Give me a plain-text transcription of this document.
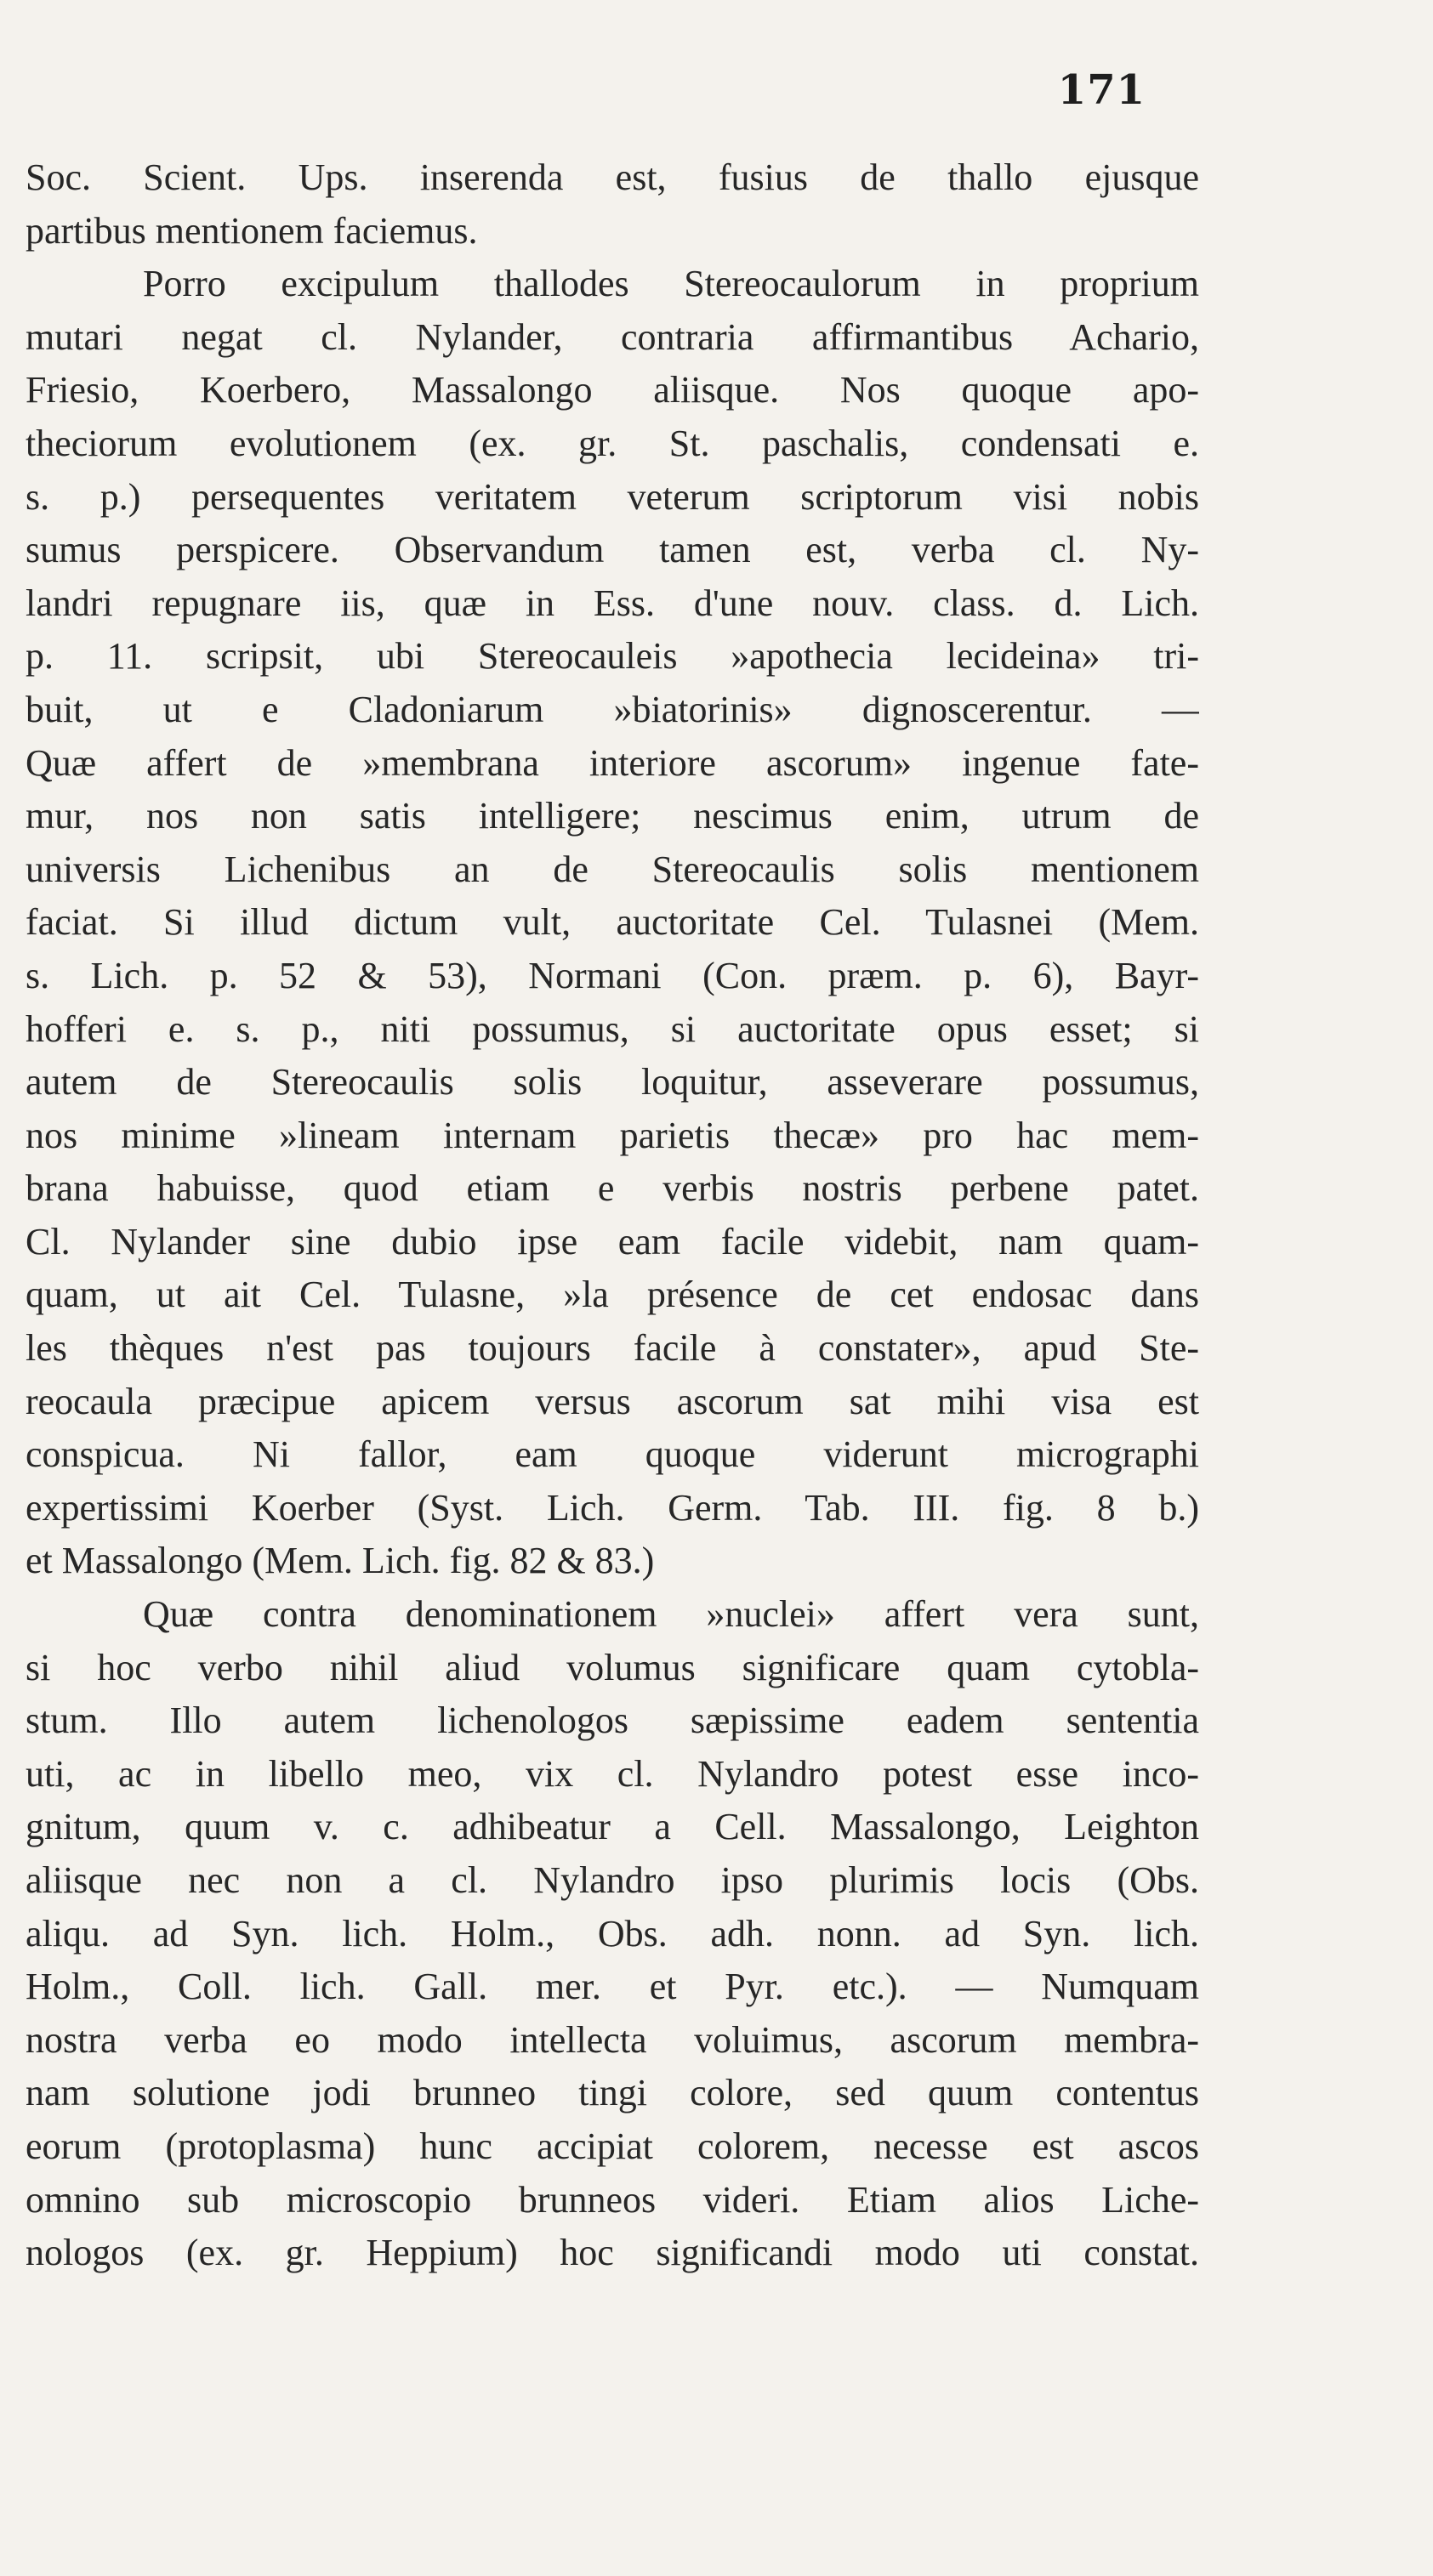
171
Soc. Scient. Ups. inserenda est, fusius de thallo ejusque
partibus mentionem faciemus.
Porro excipulum thallodes Stereocaulorum in proprium
mutari negat cl. Nylander, contraria affirmantibus Achario,
Friesio, Koerbero, Massalongo aliisque. Nos quoque apo-
theciorum evolutionem (ex. gr. St. paschalis, condensati e.
s. p.) persequentes veritatem veterum scriptorum visi nobis
sumus perspicere. Observandum tamen est, verba cl. Ny-
landri repugnare iis, quæ in Ess. d'une nouv. class. d. Lich.
p. 11. scripsit, ubi Stereocauleis »apothecia lecideina» tri-
buit, ut e Cladoniarum »biatorinis» dignoscerentur. —
Quæ affert de »membrana interiore ascorum» ingenue fate-
mur, nos non satis intelligere; nescimus enim, utrum de
universis Lichenibus an de Stereocaulis solis mentionem
faciat. Si illud dictum vult, auctoritate Cel. Tulasnei (Mem.
s. Lich. p. 52 & 53), Normani (Con. præm. p. 6), Bayr-
hofferi e. s. p., niti possumus, si auctoritate opus esset; si
autem de Stereocaulis solis loquitur, asseverare possumus,
nos minime »lineam internam parietis thecæ» pro hac mem-
brana habuisse, quod etiam e verbis nostris perbene patet.
Cl. Nylander sine dubio ipse eam facile videbit, nam quam-
quam, ut ait Cel. Tulasne, »la présence de cet endosac dans
les thèques n'est pas toujours facile à constater», apud Ste-
reocaula præcipue apicem versus ascorum sat mihi visa est
conspicua. Ni fallor, eam quoque viderunt micrographi
expertissimi Koerber (Syst. Lich. Germ. Tab. III. fig. 8 b.)
et Massalongo (Mem. Lich. fig. 82 & 83.)
Quæ contra denominationem »nuclei» affert vera sunt,
si hoc verbo nihil aliud volumus significare quam cytobla-
stum. Illo autem lichenologos sæpissime eadem sententia
uti, ac in libello meo, vix cl. Nylandro potest esse inco-
gnitum, quum v. c. adhibeatur a Cell. Massalongo, Leighton
aliisque nec non a cl. Nylandro ipso plurimis locis (Obs.
aliqu. ad Syn. lich. Holm., Obs. adh. nonn. ad Syn. lich.
Holm., Coll. lich. Gall. mer. et Pyr. etc.). — Numquam
nostra verba eo modo intellecta voluimus, ascorum membra-
nam solutione jodi brunneo tingi colore, sed quum contentus
eorum (protoplasma) hunc accipiat colorem, necesse est ascos
omnino sub microscopio brunneos videri. Etiam alios Liche-
nologos (ex. gr. Heppium) hoc significandi modo uti constat.
